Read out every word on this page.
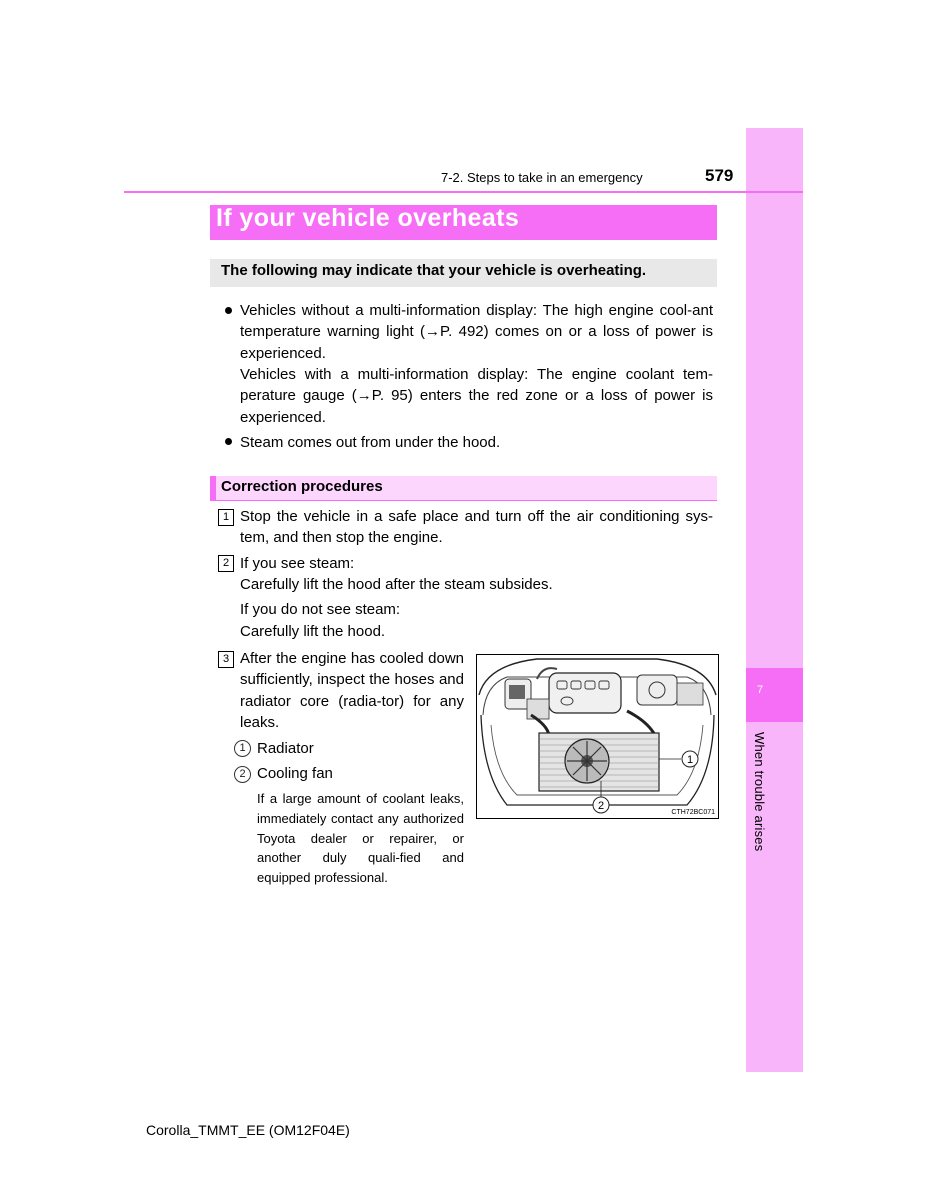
7
When trouble arises
7-2. Steps to take in an emergency	579
If your vehicle overheats
The following may indicate that your vehicle is overheating.
Vehicles without a multi-information display: The high engine cool-ant temperature warning light (→P. 492) comes on or a loss of power is experienced.
Vehicles with a multi-information display: The engine coolant tem-perature gauge (→P. 95) enters the red zone or a loss of power is experienced.
Steam comes out from under the hood.
Correction procedures
1 Stop the vehicle in a safe place and turn off the air conditioning sys-tem, and then stop the engine.
2 If you see steam:
Carefully lift the hood after the steam subsides.
If you do not see steam:
Carefully lift the hood.
3 After the engine has cooled down sufficiently, inspect the hoses and radiator core (radia-tor) for any leaks.
1 Radiator
2 Cooling fan
If a large amount of coolant leaks, immediately contact any authorized Toyota dealer or repairer, or another duly quali-fied and equipped professional.
1
2
CTH72BC071
Corolla_TMMT_EE (OM12F04E)
